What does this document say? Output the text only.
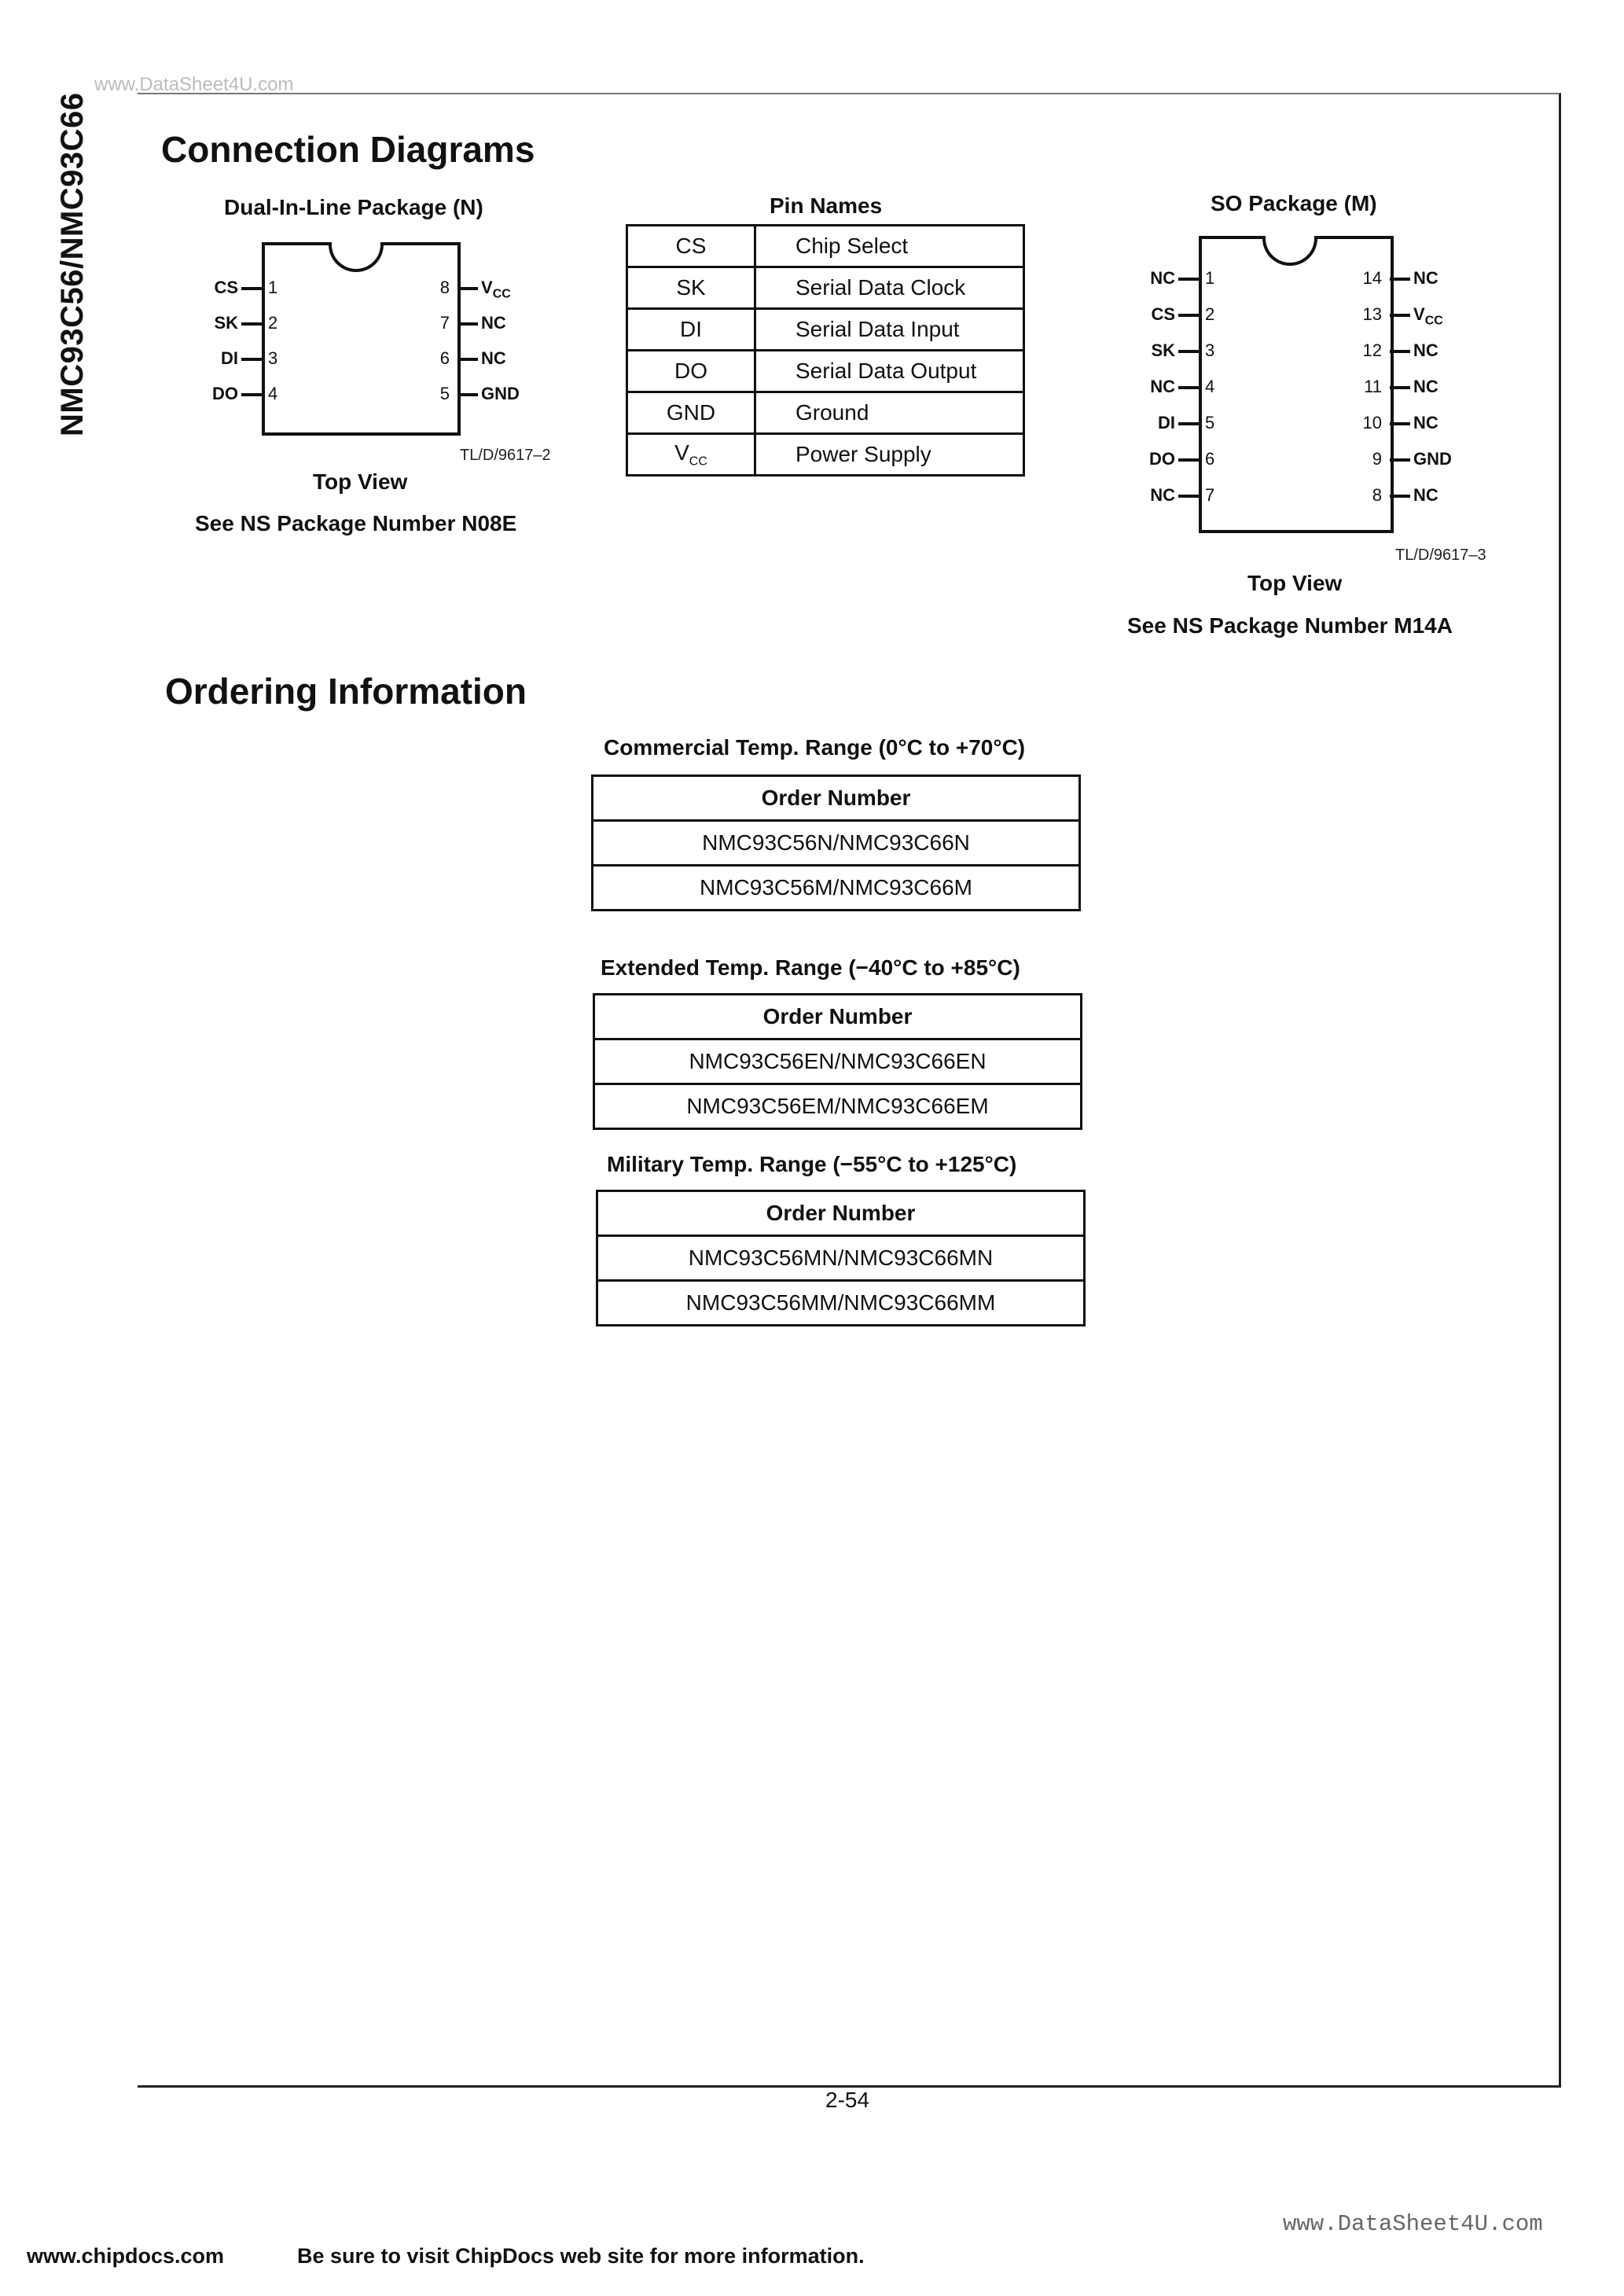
www.DataSheet4U.com
NMC93C56/NMC93C66 Connection Diagrams
Dual-In-Line Package (N)
CS 1
SK 2
DI 3
DO 4
$V_{CC}$
8
NC
7
NC
6
GND
5
TL/D/9617–2
Top View
See NS Package Number N08E
Pin Names
CS	Chip Select
SK	Serial Data Clock
DI	Serial Data Input
DO	Serial Data Output
GND	Ground
$V_{CC}$	Power Supply
SO Package (M)
NC 1
CS 2
SK 3
NC 4
DI 5
DO 6
NC 7
NC
14
$V_{CC}$
13
NC
12
NC
11
NC
10
GND
9
NC
8
TL/D/9617–3
Top View
See NS Package Number M14A
Ordering Information
Commercial Temp. Range (0°C to +70°C)
Order Number
NMC93C56N/NMC93C66N
NMC93C56M/NMC93C66M
Extended Temp. Range (−40°C to +85°C)
Order Number
NMC93C56EN/NMC93C66EN
NMC93C56EM/NMC93C66EM
Military Temp. Range (−55°C to +125°C)
Order Number
NMC93C56MN/NMC93C66MN
NMC93C56MM/NMC93C66MM
2-54
www.DataSheet4U.com
www.chipdocs.com	Be sure to visit ChipDocs web site for more information.
